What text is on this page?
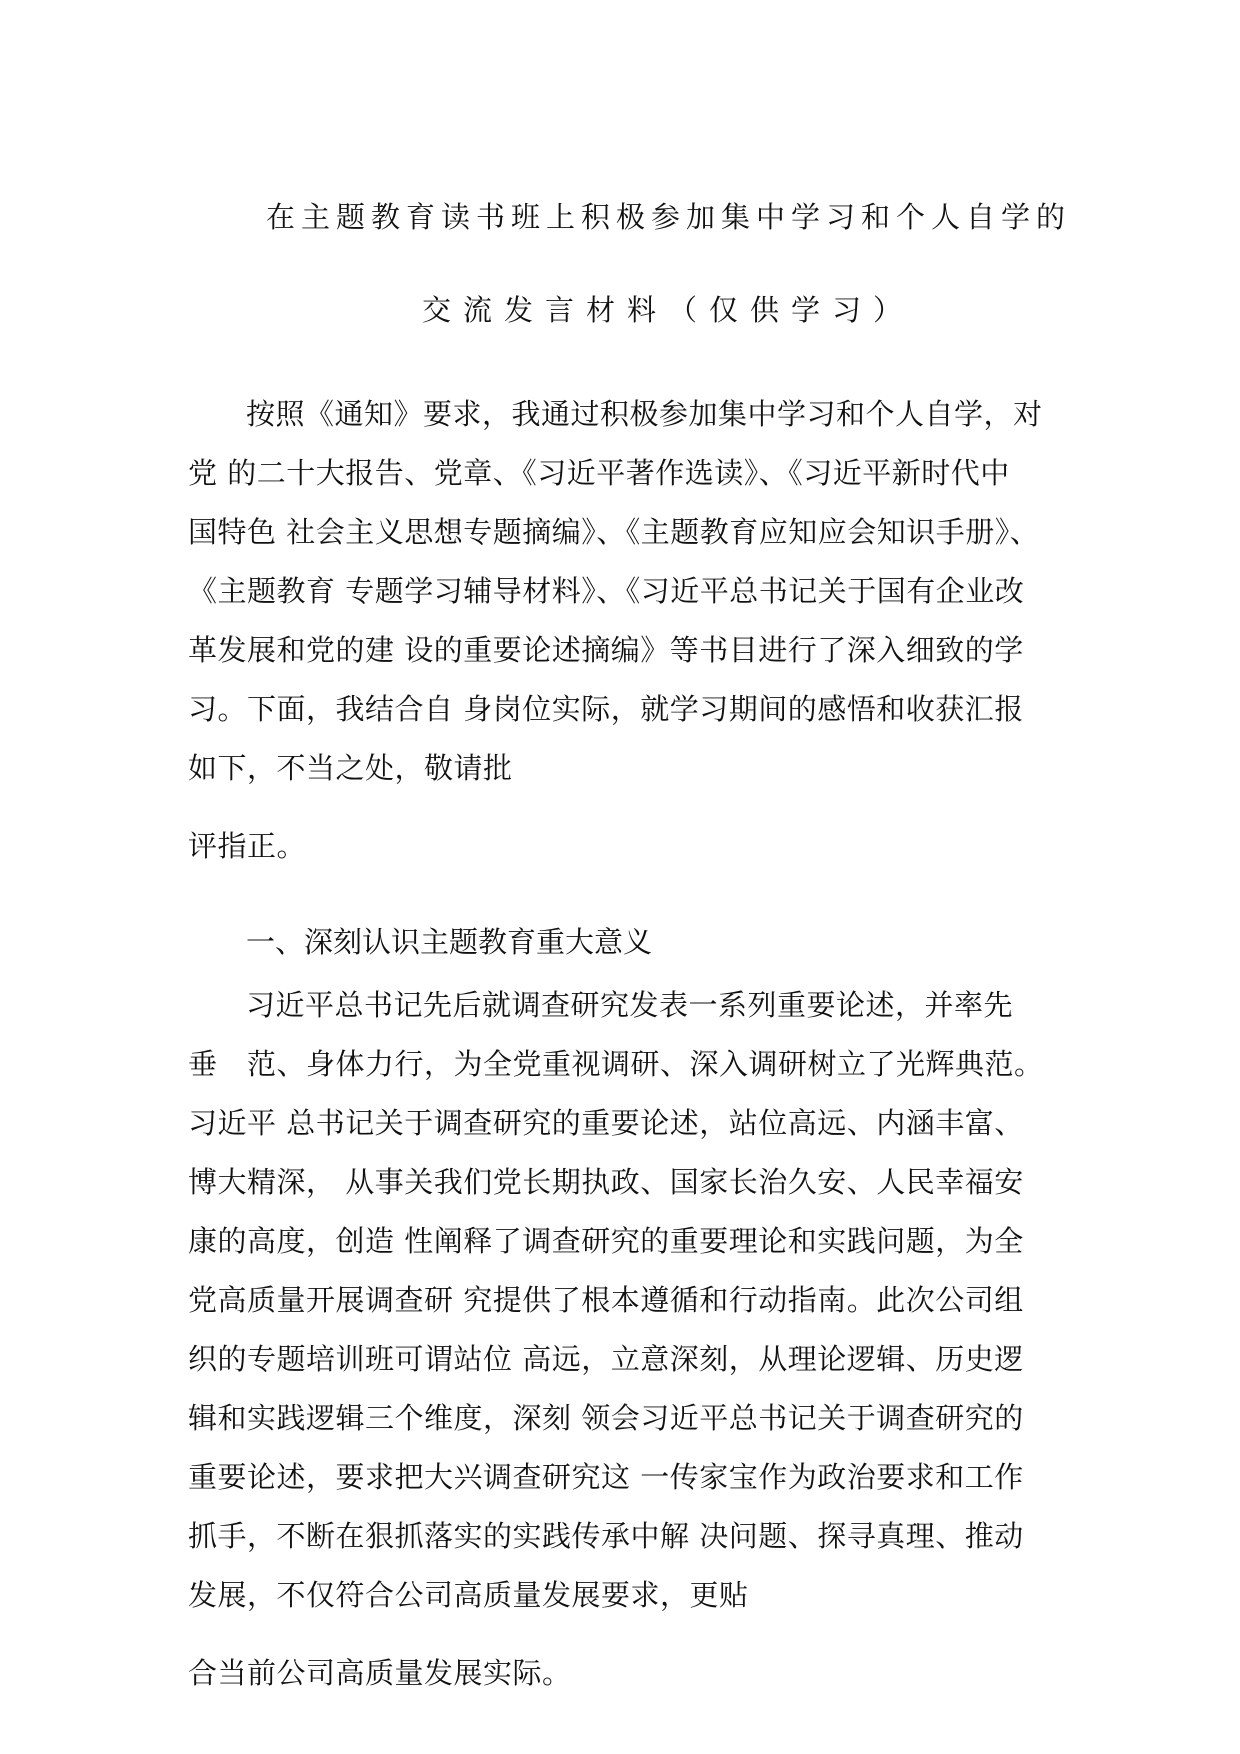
在主题教育读书班上积极参加集中学习和个人自学的
交流发言材料（仅供学习）
按照《通知》要求，我通过积极参加集中学习和个人自学，对
党 的二十大报告、党章、《习近平著作选读》、《习近平新时代中
国特色 社会主义思想专题摘编》、《主题教育应知应会知识手册》、
《主题教育 专题学习辅导材料》、《习近平总书记关于国有企业改
革发展和党的建 设的重要论述摘编》等书目进行了深入细致的学
习。下面，我结合自 身岗位实际，就学习期间的感悟和收获汇报
如下，不当之处，敬请批
评指正。
一、深刻认识主题教育重大意义
习近平总书记先后就调查研究发表一系列重要论述，并率先
垂　范、身体力行，为全党重视调研、深入调研树立了光辉典范。
习近平 总书记关于调查研究的重要论述，站位高远、内涵丰富、
博大精深， 从事关我们党长期执政、国家长治久安、人民幸福安
康的高度，创造 性阐释了调查研究的重要理论和实践问题，为全
党高质量开展调查研 究提供了根本遵循和行动指南。此次公司组
织的专题培训班可谓站位 高远，立意深刻，从理论逻辑、历史逻
辑和实践逻辑三个维度，深刻 领会习近平总书记关于调查研究的
重要论述，要求把大兴调查研究这 一传家宝作为政治要求和工作
抓手，不断在狠抓落实的实践传承中解 决问题、探寻真理、推动
发展，不仅符合公司高质量发展要求，更贴
合当前公司高质量发展实际。
